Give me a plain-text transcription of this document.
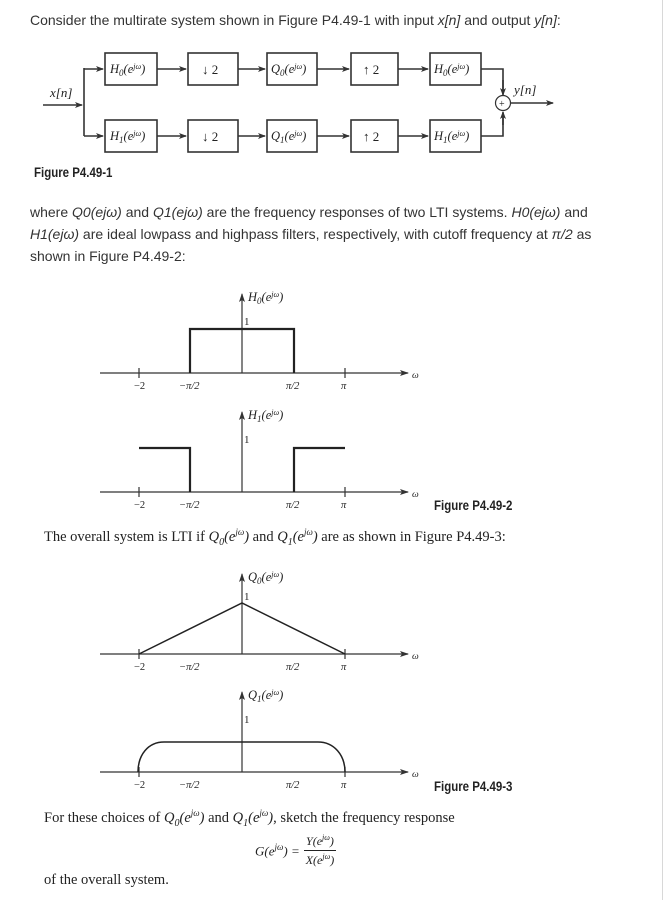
Consider the multirate system shown in Figure P4.49-1 with input x[n] and output y[n]:
x[n]	y[n]
+
$H_0(e^{j\omega})$	↓ 2	$Q_0(e^{j\omega})$	↑ 2	$H_0(e^{j\omega})$
$H_1(e^{j\omega})$	↓ 2	$Q_1(e^{j\omega})$	↑ 2	$H_1(e^{j\omega})$
Figure P4.49-1
where Q0(ejω) and Q1(ejω) are the frequency responses of two LTI systems. H0(ejω) and H1(ejω) are ideal lowpass and highpass filters, respectively, with cutoff frequency at π/2 as shown in Figure P4.49-2:
$H_0(e^{j\omega})$
1
−2	−π/2	π/2	π
ω
$H_1(e^{j\omega})$
1
−2	−π/2	π/2	π
ω
$Q_0(e^{j\omega})$
1
−2	−π/2	π/2	π
ω
$Q_1(e^{j\omega})$
1
−2	−π/2	π/2	π
ω
Figure P4.49-2
The overall system is LTI if $Q_0(e^{j\omega})$ and $Q_1(e^{j\omega})$ are as shown in Figure P4.49-3:
Figure P4.49-3
For these choices of $Q_0(e^{j\omega})$ and $Q_1(e^{j\omega})$, sketch the frequency response
$G(e^{j\omega})$ =	$Y(e^{j\omega})$
$X(e^{j\omega})$
of the overall system.
